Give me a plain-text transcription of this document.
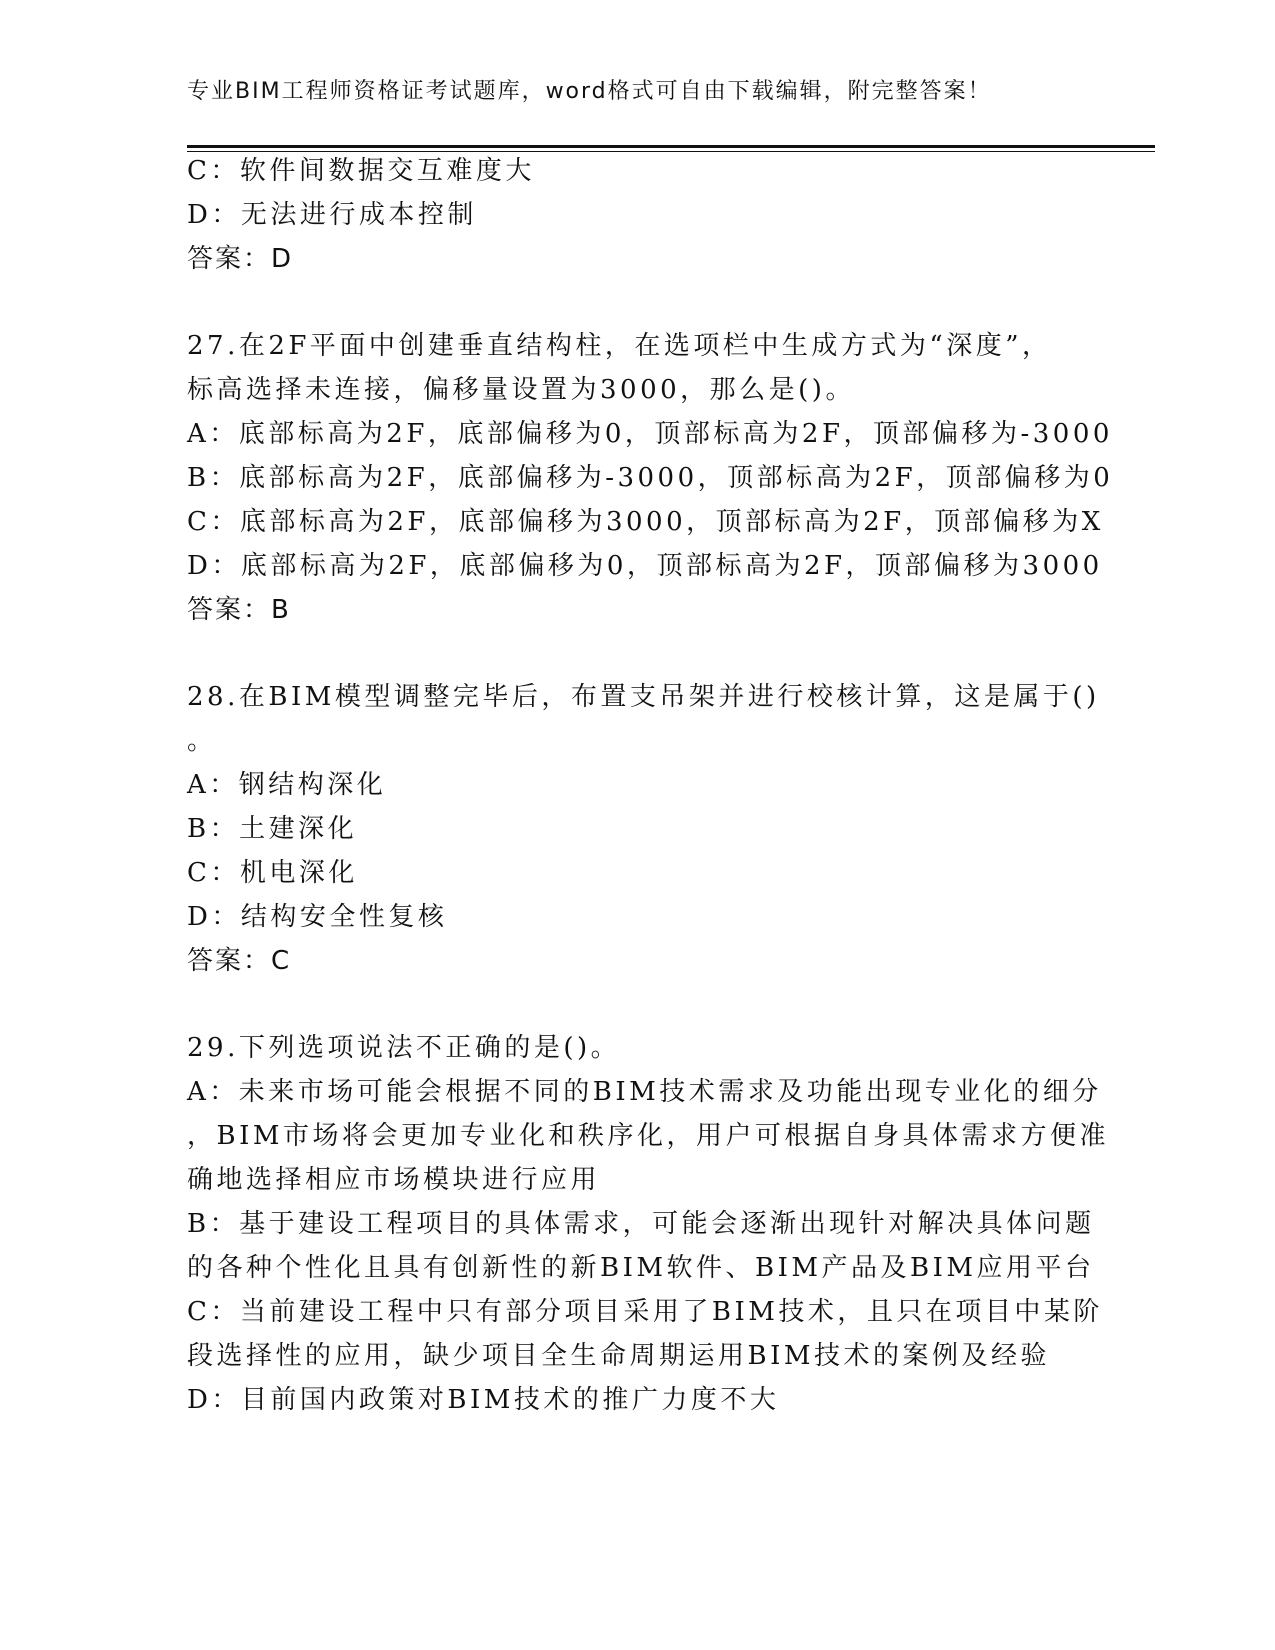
专业BIM工程师资格证考试题库，word格式可自由下载编辑，附完整答案！
C：软件间数据交互难度大
D：无法进行成本控制
答案：D
27.在2F平面中创建垂直结构柱，在选项栏中生成方式为“深度”，
标高选择未连接，偏移量设置为3000，那么是()。
A：底部标高为2F，底部偏移为0，顶部标高为2F，顶部偏移为-3000
B：底部标高为2F，底部偏移为-3000，顶部标高为2F，顶部偏移为0
C：底部标高为2F，底部偏移为3000，顶部标高为2F，顶部偏移为X
D：底部标高为2F，底部偏移为0，顶部标高为2F，顶部偏移为3000
答案：B
28.在BIM模型调整完毕后，布置支吊架并进行校核计算，这是属于()
。
A：钢结构深化
B：土建深化
C：机电深化
D：结构安全性复核
答案：C
29.下列选项说法不正确的是()。
A：未来市场可能会根据不同的BIM技术需求及功能出现专业化的细分
，BIM市场将会更加专业化和秩序化，用户可根据自身具体需求方便准
确地选择相应市场模块进行应用
B：基于建设工程项目的具体需求，可能会逐渐出现针对解决具体问题
的各种个性化且具有创新性的新BIM软件、BIM产品及BIM应用平台
C：当前建设工程中只有部分项目采用了BIM技术，且只在项目中某阶
段选择性的应用，缺少项目全生命周期运用BIM技术的案例及经验
D：目前国内政策对BIM技术的推广力度不大
